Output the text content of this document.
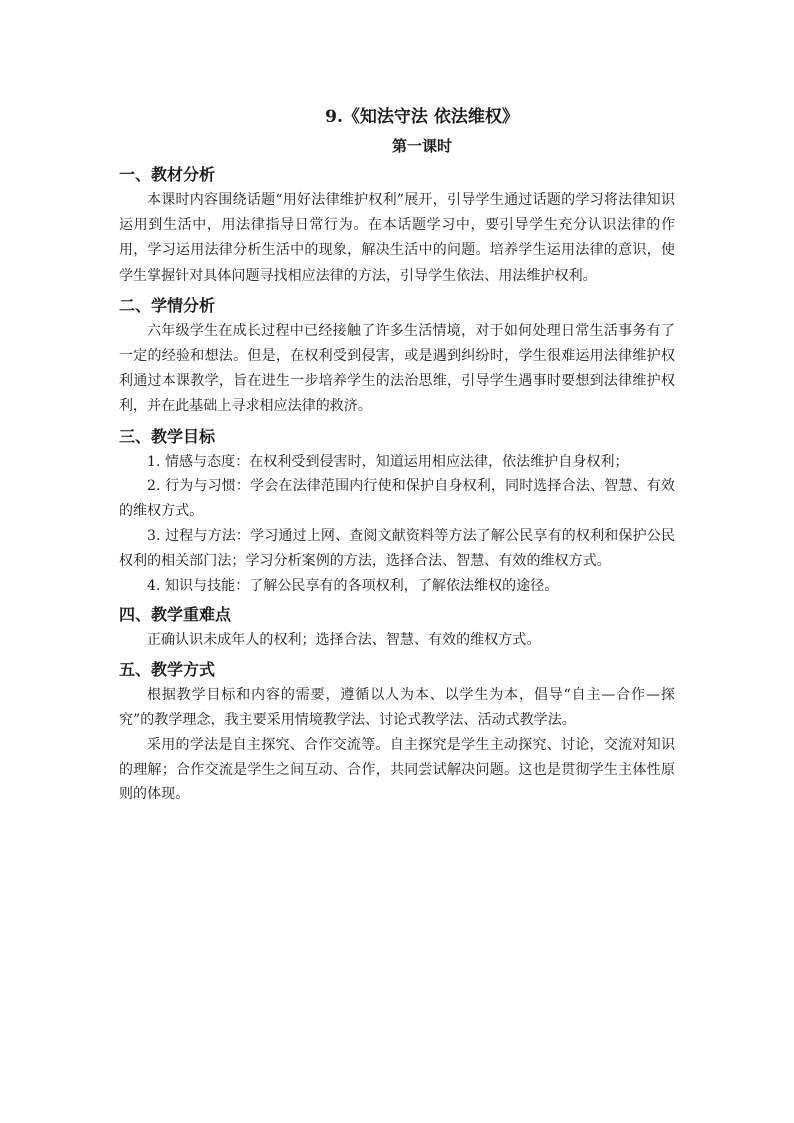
9.《知法守法 依法维权》
第一课时
一、教材分析

本课时内容围绕话题“用好法律维护权利”展开，引导学生通过话题的学习将法律知识运用到生活中，用法律指导日常行为。在本话题学习中，要引导学生充分认识法律的作用，学习运用法律分析生活中的现象，解决生活中的问题。培养学生运用法律的意识，使学生掌握针对具体问题寻找相应法律的方法，引导学生依法、用法维护权利。

二、学情分析

六年级学生在成长过程中已经接触了许多生活情境，对于如何处理日常生活事务有了一定的经验和想法。但是，在权利受到侵害，或是遇到纠纷时，学生很难运用法律维护权利通过本课教学，旨在进生一步培养学生的法治思维，引导学生遇事时要想到法律维护权利，并在此基础上寻求相应法律的救济。

三、教学目标

1. 情感与态度：在权利受到侵害时，知道运用相应法律，依法维护自身权利；

2. 行为与习惯：学会在法律范围内行使和保护自身权利，同时选择合法、智慧、有效的维权方式。

3. 过程与方法：学习通过上网、查阅文献资料等方法了解公民享有的权利和保护公民权利的相关部门法；学习分析案例的方法，选择合法、智慧、有效的维权方式。

4. 知识与技能：了解公民享有的各项权利，了解依法维权的途径。

四、教学重难点

正确认识未成年人的权利；选择合法、智慧、有效的维权方式。

五、教学方式

根据教学目标和内容的需要，遵循以人为本、以学生为本，倡导“自主—合作—探究”的教学理念，我主要采用情境教学法、讨论式教学法、活动式教学法。

采用的学法是自主探究、合作交流等。自主探究是学生主动探究、讨论，交流对知识的理解；合作交流是学生之间互动、合作，共同尝试解决问题。这也是贯彻学生主体性原则的体现。
